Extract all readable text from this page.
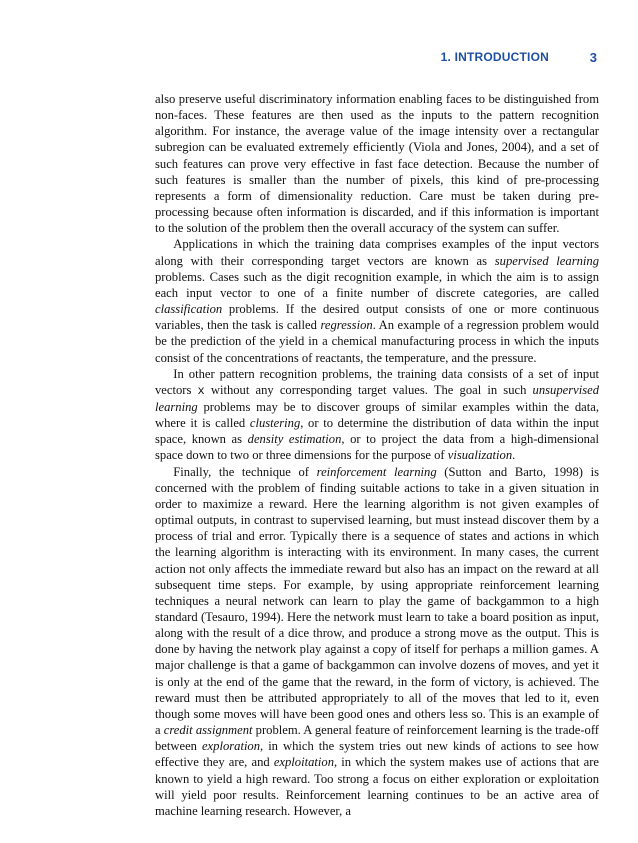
1. INTRODUCTION	3

also preserve useful discriminatory information enabling faces to be distinguished from non-faces. These features are then used as the inputs to the pattern recognition algorithm. For instance, the average value of the image intensity over a rectangular subregion can be evaluated extremely efficiently (Viola and Jones, 2004), and a set of such features can prove very effective in fast face detection. Because the number of such features is smaller than the number of pixels, this kind of pre-processing represents a form of dimensionality reduction. Care must be taken during pre-processing because often information is discarded, and if this information is important to the solution of the problem then the overall accuracy of the system can suffer.

Applications in which the training data comprises examples of the input vectors along with their corresponding target vectors are known as supervised learning problems. Cases such as the digit recognition example, in which the aim is to assign each input vector to one of a finite number of discrete categories, are called classification problems. If the desired output consists of one or more continuous variables, then the task is called regression. An example of a regression problem would be the prediction of the yield in a chemical manufacturing process in which the inputs consist of the concentrations of reactants, the temperature, and the pressure.

In other pattern recognition problems, the training data consists of a set of input vectors x without any corresponding target values. The goal in such unsupervised learning problems may be to discover groups of similar examples within the data, where it is called clustering, or to determine the distribution of data within the input space, known as density estimation, or to project the data from a high-dimensional space down to two or three dimensions for the purpose of visualization.

Finally, the technique of reinforcement learning (Sutton and Barto, 1998) is concerned with the problem of finding suitable actions to take in a given situation in order to maximize a reward. Here the learning algorithm is not given examples of optimal outputs, in contrast to supervised learning, but must instead discover them by a process of trial and error. Typically there is a sequence of states and actions in which the learning algorithm is interacting with its environment. In many cases, the current action not only affects the immediate reward but also has an impact on the reward at all subsequent time steps. For example, by using appropriate reinforcement learning techniques a neural network can learn to play the game of backgammon to a high standard (Tesauro, 1994). Here the network must learn to take a board position as input, along with the result of a dice throw, and produce a strong move as the output. This is done by having the network play against a copy of itself for perhaps a million games. A major challenge is that a game of backgammon can involve dozens of moves, and yet it is only at the end of the game that the reward, in the form of victory, is achieved. The reward must then be attributed appropriately to all of the moves that led to it, even though some moves will have been good ones and others less so. This is an example of a credit assignment problem. A general feature of reinforcement learning is the trade-off between exploration, in which the system tries out new kinds of actions to see how effective they are, and exploitation, in which the system makes use of actions that are known to yield a high reward. Too strong a focus on either exploration or exploitation will yield poor results. Reinforcement learning continues to be an active area of machine learning research. However, a
